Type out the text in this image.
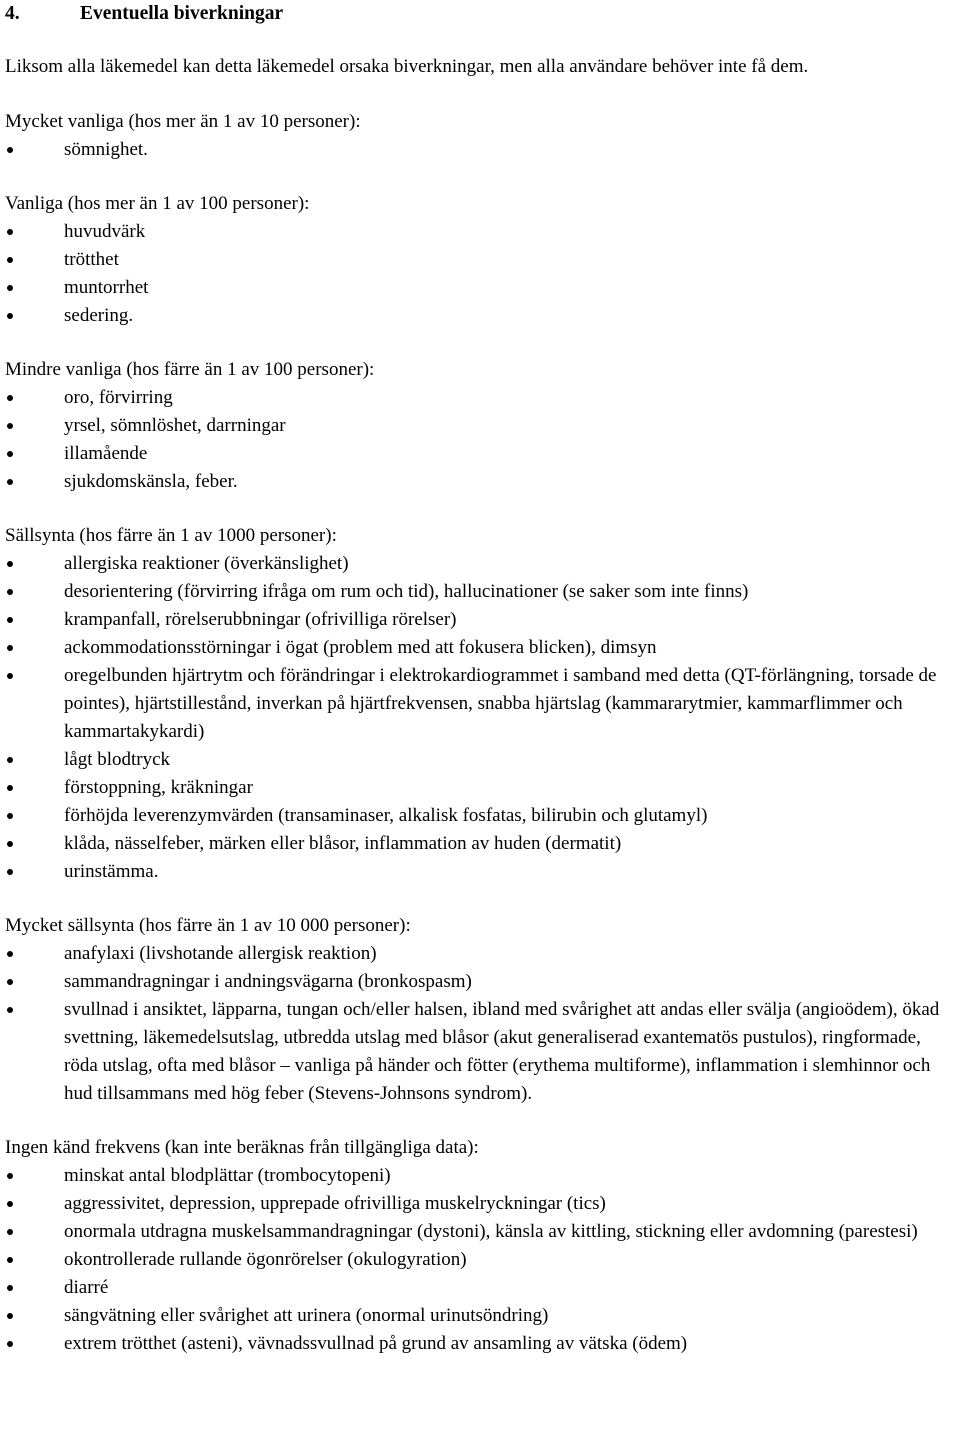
4.	Eventuella biverkningar

Liksom alla läkemedel kan detta läkemedel orsaka biverkningar, men alla användare behöver inte få dem.

Mycket vanliga (hos mer än 1 av 10 personer):

sömnighet.

Vanliga (hos mer än 1 av 100 personer):

huvudvärk
trötthet
muntorrhet
sedering.

Mindre vanliga (hos färre än 1 av 100 personer):

oro, förvirring
yrsel, sömnlöshet, darrningar
illamående
sjukdomskänsla, feber.

Sällsynta (hos färre än 1 av 1000 personer):

allergiska reaktioner (överkänslighet)
desorientering (förvirring ifråga om rum och tid), hallucinationer (se saker som inte finns)
krampanfall, rörelserubbningar (ofrivilliga rörelser)
ackommodationsstörningar i ögat (problem med att fokusera blicken), dimsyn
oregelbunden hjärtrytm och förändringar i elektrokardiogrammet i samband med detta (QT-förlängning, torsade de pointes), hjärtstillestånd, inverkan på hjärtfrekvensen, snabba hjärtslag (kammararytmier, kammarflimmer och kammartakykardi)
lågt blodtryck
förstoppning, kräkningar
förhöjda leverenzymvärden (transaminaser, alkalisk fosfatas, bilirubin och glutamyl)
klåda, nässelfeber, märken eller blåsor, inflammation av huden (dermatit)
urinstämma.

Mycket sällsynta (hos färre än 1 av 10 000 personer):

anafylaxi (livshotande allergisk reaktion)
sammandragningar i andningsvägarna (bronkospasm)
svullnad i ansiktet, läpparna, tungan och/eller halsen, ibland med svårighet att andas eller svälja (angioödem), ökad svettning, läkemedelsutslag, utbredda utslag med blåsor (akut generaliserad exantematös pustulos), ringformade, röda utslag, ofta med blåsor – vanliga på händer och fötter (erythema multiforme), inflammation i slemhinnor och hud tillsammans med hög feber (Stevens-Johnsons syndrom).

Ingen känd frekvens (kan inte beräknas från tillgängliga data):

minskat antal blodplättar (trombocytopeni)
aggressivitet, depression, upprepade ofrivilliga muskelryckningar (tics)
onormala utdragna muskelsammandragningar (dystoni), känsla av kittling, stickning eller avdomning (parestesi)
okontrollerade rullande ögonrörelser (okulogyration)
diarré
sängvätning eller svårighet att urinera (onormal urinutsöndring)
extrem trötthet (asteni), vävnadssvullnad på grund av ansamling av vätska (ödem)
